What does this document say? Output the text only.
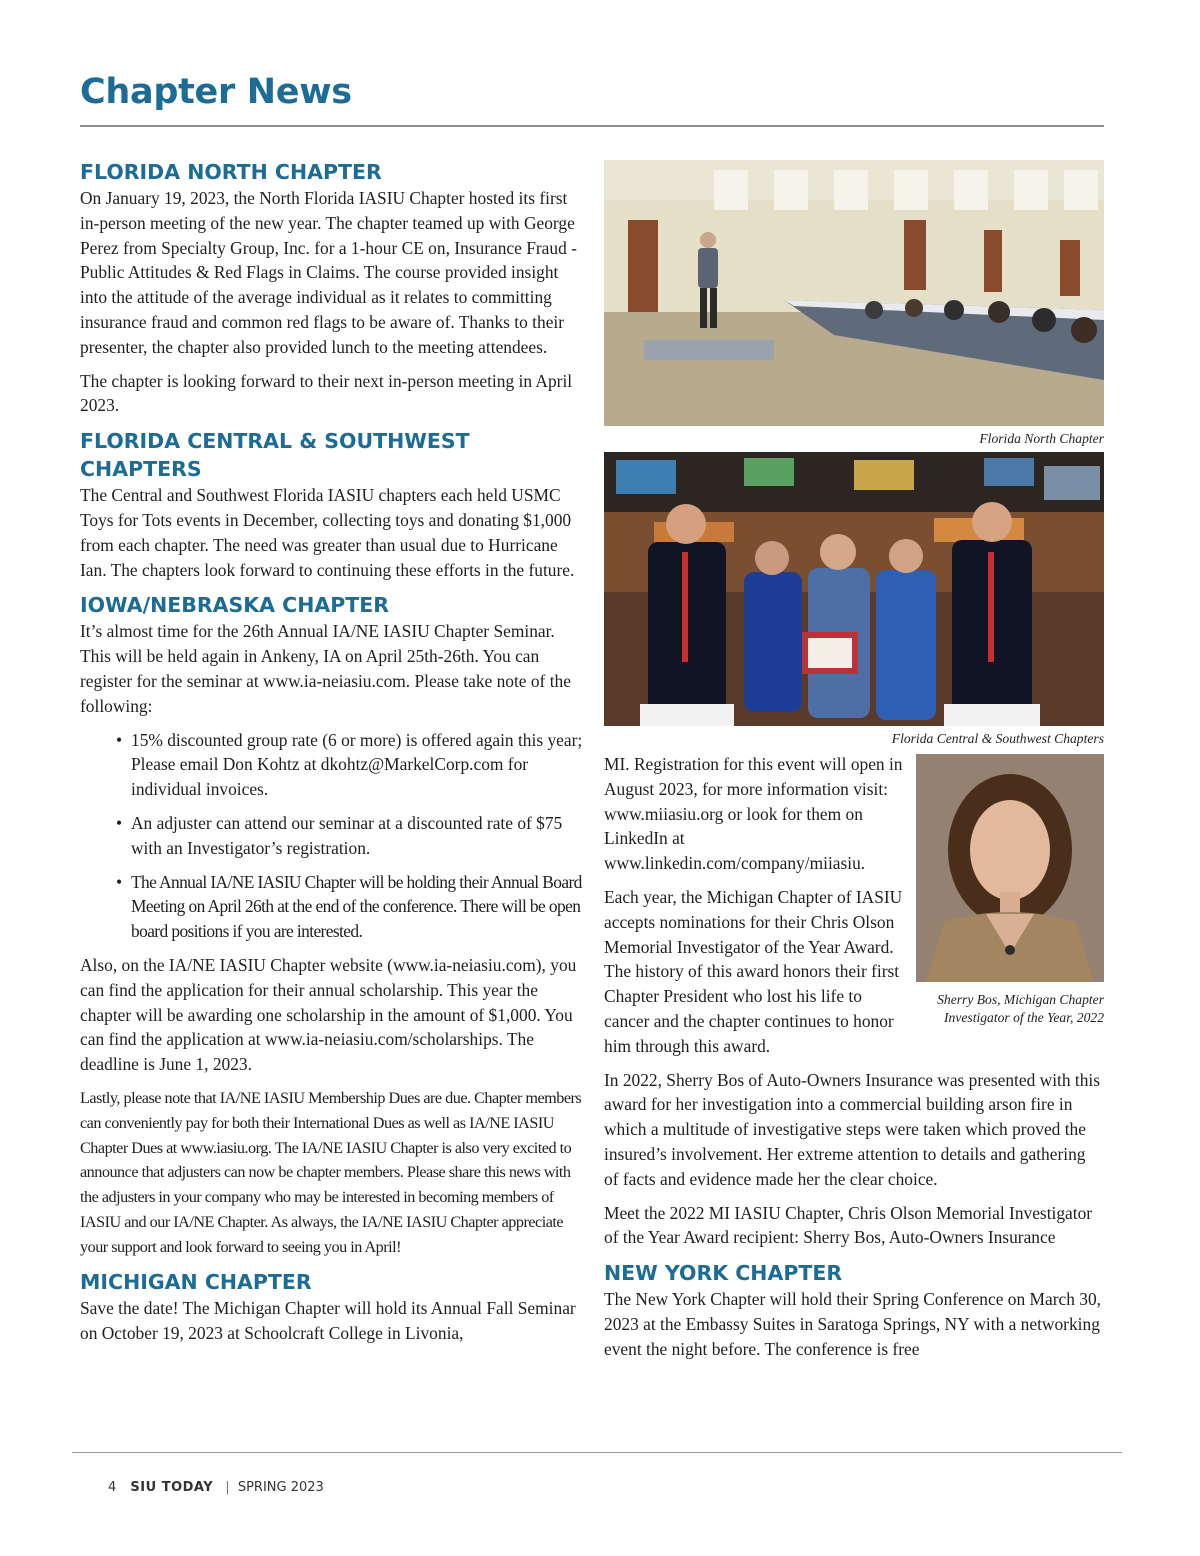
Chapter News
FLORIDA NORTH CHAPTER

On January 19, 2023, the North Florida IASIU Chapter hosted its first in-person meeting of the new year. The chapter teamed up with George Perez from Specialty Group, Inc. for a 1-hour CE on, Insurance Fraud - Public Attitudes & Red Flags in Claims. The course provided insight into the attitude of the average individual as it relates to committing insurance fraud and common red flags to be aware of. Thanks to their presenter, the chapter also provided lunch to the meeting attendees.

The chapter is looking forward to their next in-person meeting in April 2023.

FLORIDA CENTRAL & SOUTHWEST CHAPTERS

The Central and Southwest Florida IASIU chapters each held USMC Toys for Tots events in December, collecting toys and donating $1,000 from each chapter. The need was greater than usual due to Hurricane Ian. The chapters look forward to continuing these efforts in the future.

IOWA/NEBRASKA CHAPTER

It’s almost time for the 26th Annual IA/NE IASIU Chapter Seminar. This will be held again in Ankeny, IA on April 25th-26th. You can register for the seminar at www.ia-neiasiu.com. Please take note of the following:

• 15% discounted group rate (6 or more) is offered again this year; Please email Don Kohtz at dkohtz@MarkelCorp.com for individual invoices.
• An adjuster can attend our seminar at a discounted rate of $75 with an Investigator’s registration.
• The Annual IA/NE IASIU Chapter will be holding their Annual Board Meeting on April 26th at the end of the conference. There will be open board positions if you are interested.

Also, on the IA/NE IASIU Chapter website (www.ia-neiasiu.com), you can find the application for their annual scholarship. This year the chapter will be awarding one scholarship in the amount of $1,000. You can find the application at www.ia-neiasiu.com/scholarships. The deadline is June 1, 2023.

Lastly, please note that IA/NE IASIU Membership Dues are due. Chapter members can conveniently pay for both their International Dues as well as IA/NE IASIU Chapter Dues at www.iasiu.org. The IA/NE IASIU Chapter is also very excited to announce that adjusters can now be chapter members. Please share this news with the adjusters in your company who may be interested in becoming members of IASIU and our IA/NE Chapter. As always, the IA/NE IASIU Chapter appreciate your support and look forward to seeing you in April!

MICHIGAN CHAPTER

Save the date! The Michigan Chapter will hold its Annual Fall Seminar on October 19, 2023 at Schoolcraft College in Livonia,

Florida North Chapter

Florida Central & Southwest Chapters

Sherry Bos, Michigan Chapter
Investigator of the Year, 2022

MI. Registration for this event will open in August 2023, for more information visit: www.miiasiu.org or look for them on LinkedIn at www.linkedin.com/company/miiasiu.

Each year, the Michigan Chapter of IASIU accepts nominations for their Chris Olson Memorial Investigator of the Year Award. The history of this award honors their first Chapter President who lost his life to cancer and the chapter continues to honor him through this award.

In 2022, Sherry Bos of Auto-Owners Insurance was presented with this award for her investigation into a commercial building arson fire in which a multitude of investigative steps were taken which proved the insured’s involvement. Her extreme attention to details and gathering of facts and evidence made her the clear choice.

Meet the 2022 MI IASIU Chapter, Chris Olson Memorial Investigator of the Year Award recipient: Sherry Bos, Auto-Owners Insurance

NEW YORK CHAPTER

The New York Chapter will hold their Spring Conference on March 30, 2023 at the Embassy Suites in Saratoga Springs, NY with a networking event the night before. The conference is free

4 SIU TODAY | SPRING 2023
